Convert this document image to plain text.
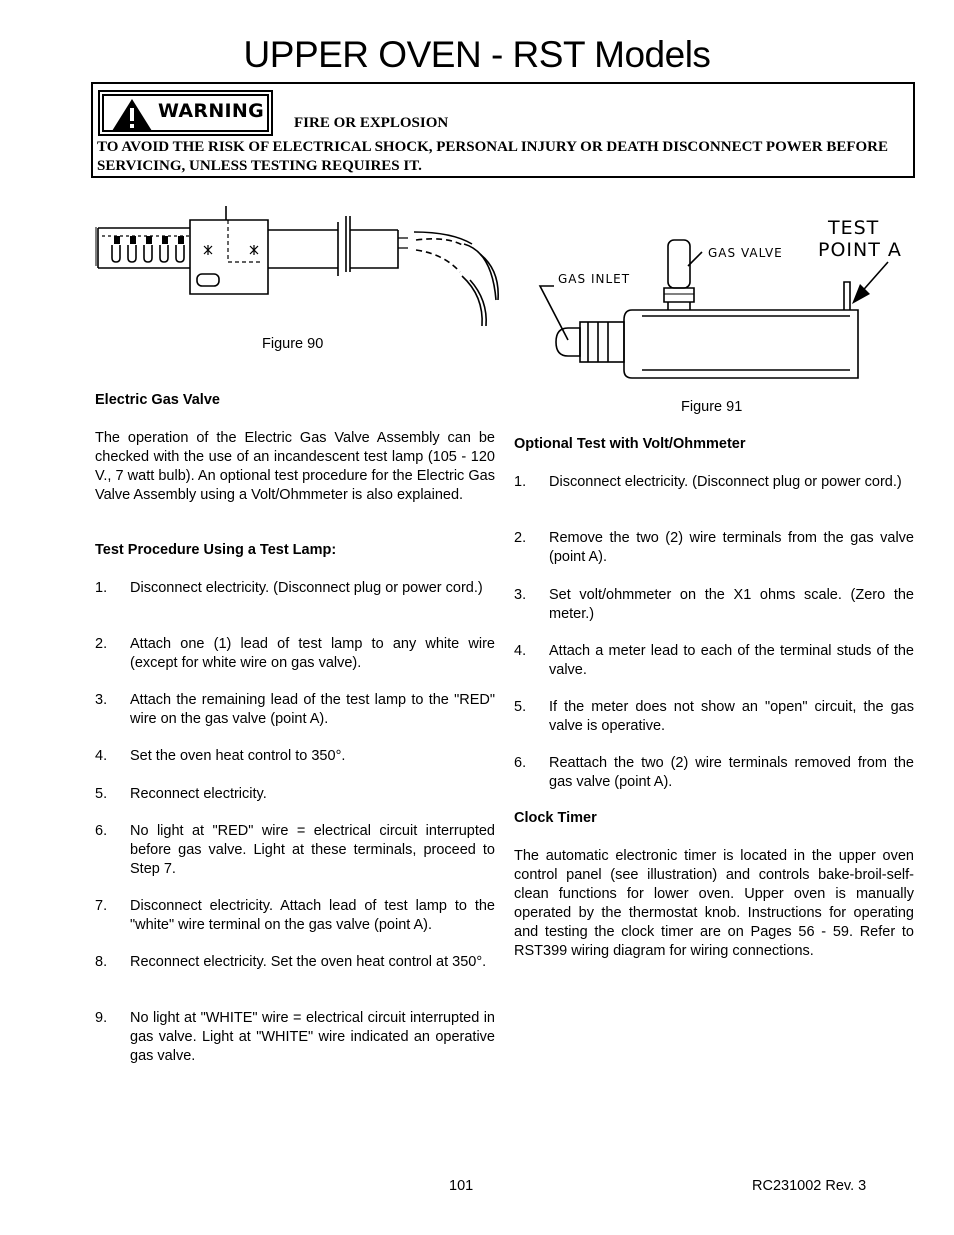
UPPER OVEN - RST Models
WARNING
FIRE OR EXPLOSION
TO AVOID THE RISK OF ELECTRICAL SHOCK, PERSONAL INJURY OR DEATH DISCONNECT POWER BEFORE SERVICING, UNLESS TESTING REQUIRES IT.
Figure 90
GAS INLET
GAS VALVE
TEST
POINT A
Figure 91
Electric Gas Valve
The operation of the Electric Gas Valve Assembly can be checked with the use of an incandescent test lamp (105 - 120 V., 7 watt bulb). An optional test procedure for the Electric Gas Valve Assembly using a Volt/Ohmmeter is also explained.
Test Procedure Using a Test Lamp:
1. Disconnect electricity. (Disconnect plug or power cord.)
2. Attach one (1) lead of test lamp to any white wire (except for white wire on gas valve).
3. Attach the remaining lead of the test lamp to the "RED" wire on the gas valve (point A).
4. Set the oven heat control to 350°.
5. Reconnect electricity.
6. No light at "RED" wire = electrical circuit interrupted before gas valve. Light at these terminals, proceed to Step 7.
7. Disconnect electricity. Attach lead of test lamp to the "white" wire terminal on the gas valve (point A).
8. Reconnect electricity. Set the oven heat control at 350°.
9. No light at "WHITE" wire = electrical circuit interrupted in gas valve. Light at "WHITE" wire indicated an operative gas valve.
Optional Test with Volt/Ohmmeter
1. Disconnect electricity. (Disconnect plug or power cord.)
2. Remove the two (2) wire terminals from the gas valve (point A).
3. Set volt/ohmmeter on the X1 ohms scale. (Zero the meter.)
4. Attach a meter lead to each of the terminal studs of the valve.
5. If the meter does not show an "open" circuit, the gas valve is operative.
6. Reattach the two (2) wire terminals removed from the gas valve (point A).
Clock Timer
The automatic electronic timer is located in the upper oven control panel (see illustration) and controls bake-broil-self-clean functions for lower oven. Upper oven is manually operated by the thermostat knob. Instructions for operating and testing the clock timer are on Pages 56 - 59. Refer to RST399 wiring diagram for wiring connections.
101	RC231002 Rev. 3
